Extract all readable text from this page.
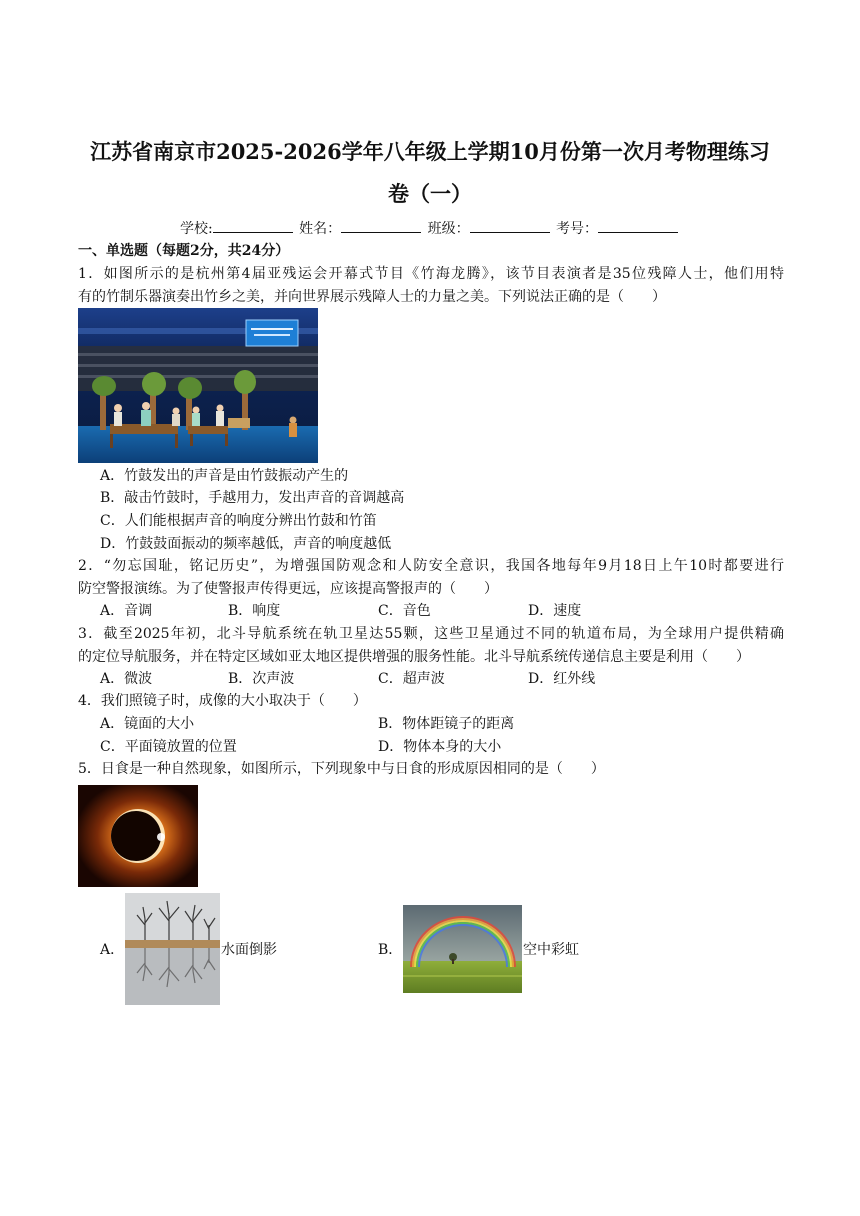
江苏省南京市2025-2026学年八年级上学期10月份第一次月考物理练习
卷（一）
学校:	姓名：	班级：	考号：
一、单选题（每题2分，共24分）
1．如图所示的是杭州第4届亚残运会开幕式节目《竹海龙腾》，该节目表演者是35位残障人士，他们用特
有的竹制乐器演奏出竹乡之美，并向世界展示残障人士的力量之美。下列说法正确的是（　　）
A．竹鼓发出的声音是由竹鼓振动产生的
B．敲击竹鼓时，手越用力，发出声音的音调越高
C．人们能根据声音的响度分辨出竹鼓和竹笛
D．竹鼓鼓面振动的频率越低，声音的响度越低
2．“勿忘国耻，铭记历史”，为增强国防观念和人防安全意识，我国各地每年9月18日上午10时都要进行
防空警报演练。为了使警报声传得更远，应该提高警报声的（　　）
A．音调	B．响度	C．音色	D．速度
3．截至2025年初，北斗导航系统在轨卫星达55颗，这些卫星通过不同的轨道布局，为全球用户提供精确
的定位导航服务，并在特定区域如亚太地区提供增强的服务性能。北斗导航系统传递信息主要是利用（　　）
A．微波	B．次声波	C．超声波	D．红外线
4．我们照镜子时，成像的大小取决于（　　）
A．镜面的大小	B．物体距镜子的距离
C．平面镜放置的位置	D．物体本身的大小
5．日食是一种自然现象，如图所示，下列现象中与日食的形成原因相同的是（　　）
A．	水面倒影	B．	空中彩虹
